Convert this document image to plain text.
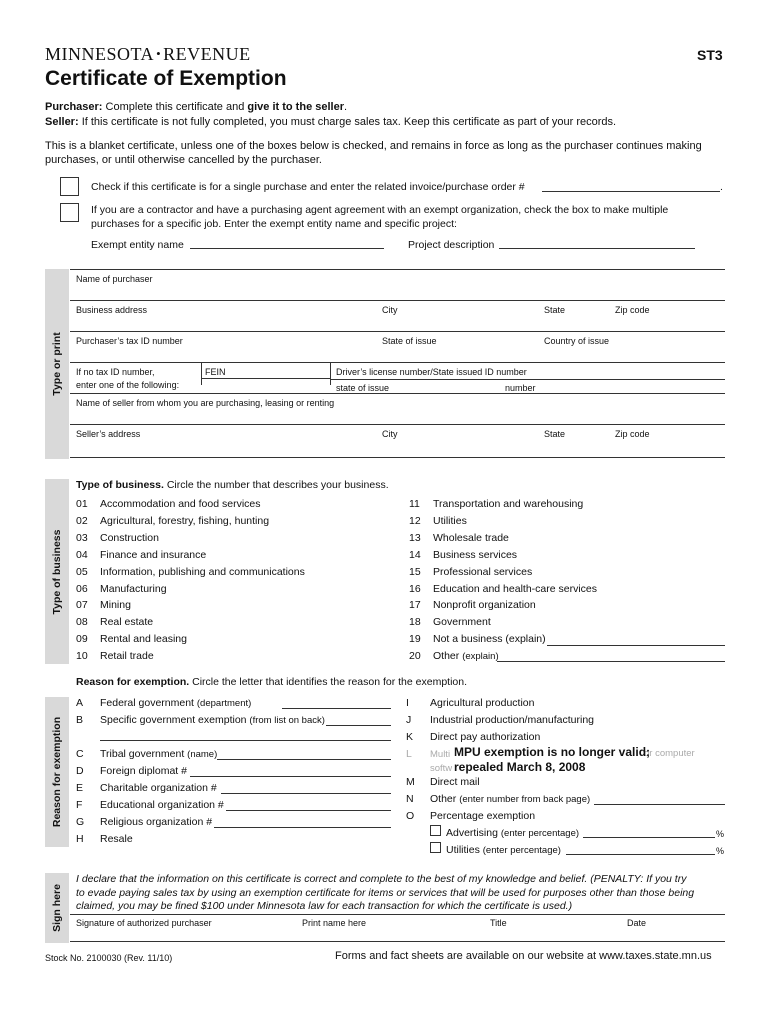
MINNESOTA • REVENUE	ST3
Certificate of Exemption
Purchaser: Complete this certificate and give it to the seller.
Seller: If this certificate is not fully completed, you must charge sales tax. Keep this certificate as part of your records.
This is a blanket certificate, unless one of the boxes below is checked, and remains in force as long as the purchaser continues making
purchases, or until otherwise cancelled by the purchaser.
Check if this certificate is for a single purchase and enter the related invoice/purchase order #	.
If you are a contractor and have a purchasing agent agreement with an exempt organization, check the box to make multiple
purchases for a specific job. Enter the exempt entity name and specific project:
Exempt entity name	Project description
Type or print
Name of purchaser
Business address	City	State	Zip code
Purchaser’s tax ID number	State of issue	Country of issue
If no tax ID number,
enter one of the following:
FEIN	Driver’s license number/State issued ID number
state of issue	number
Name of seller from whom you are purchasing, leasing or renting
Seller’s address	City	State	Zip code
Type of business
Type of business. Circle the number that describes your business.
01 Accommodation and food services
02 Agricultural, forestry, fishing, hunting
03 Construction
04 Finance and insurance
05 Information, publishing and communications
06 Manufacturing
07 Mining
08 Real estate
09 Rental and leasing
10 Retail trade
11 Transportation and warehousing
12 Utilities
13 Wholesale trade
14 Business services
15 Professional services
16 Education and health-care services
17 Nonprofit organization
18 Government
19 Not a business (explain)
20 Other (explain)
Reason for exemption
Reason for exemption. Circle the letter that identifies the reason for the exemption.
A Federal government (department)
B Specific government exemption (from list on back)
C Tribal government (name)
D Foreign diplomat #
E Charitable organization #
F Educational organization #
G Religious organization #
H Resale
I Agricultural production
J Industrial production/manufacturing
K Direct pay authorization
L Multi	or computer
softw
MPU exemption is no longer valid;
repealed March 8, 2008
M Direct mail
N Other (enter number from back page)
O Percentage exemption
Advertising (enter percentage)	%
Utilities (enter percentage)	%
Sign here
I declare that the information on this certificate is correct and complete to the best of my knowledge and belief. (PENALTY: If you try
to evade paying sales tax by using an exemption certificate for items or services that will be used for purposes other than those being
claimed, you may be fined $100 under Minnesota law for each transaction for which the certificate is used.)
Signature of authorized purchaser	Print name here	Title	Date
Stock No. 2100030 (Rev. 11/10)	Forms and fact sheets are available on our website at www.taxes.state.mn.us
